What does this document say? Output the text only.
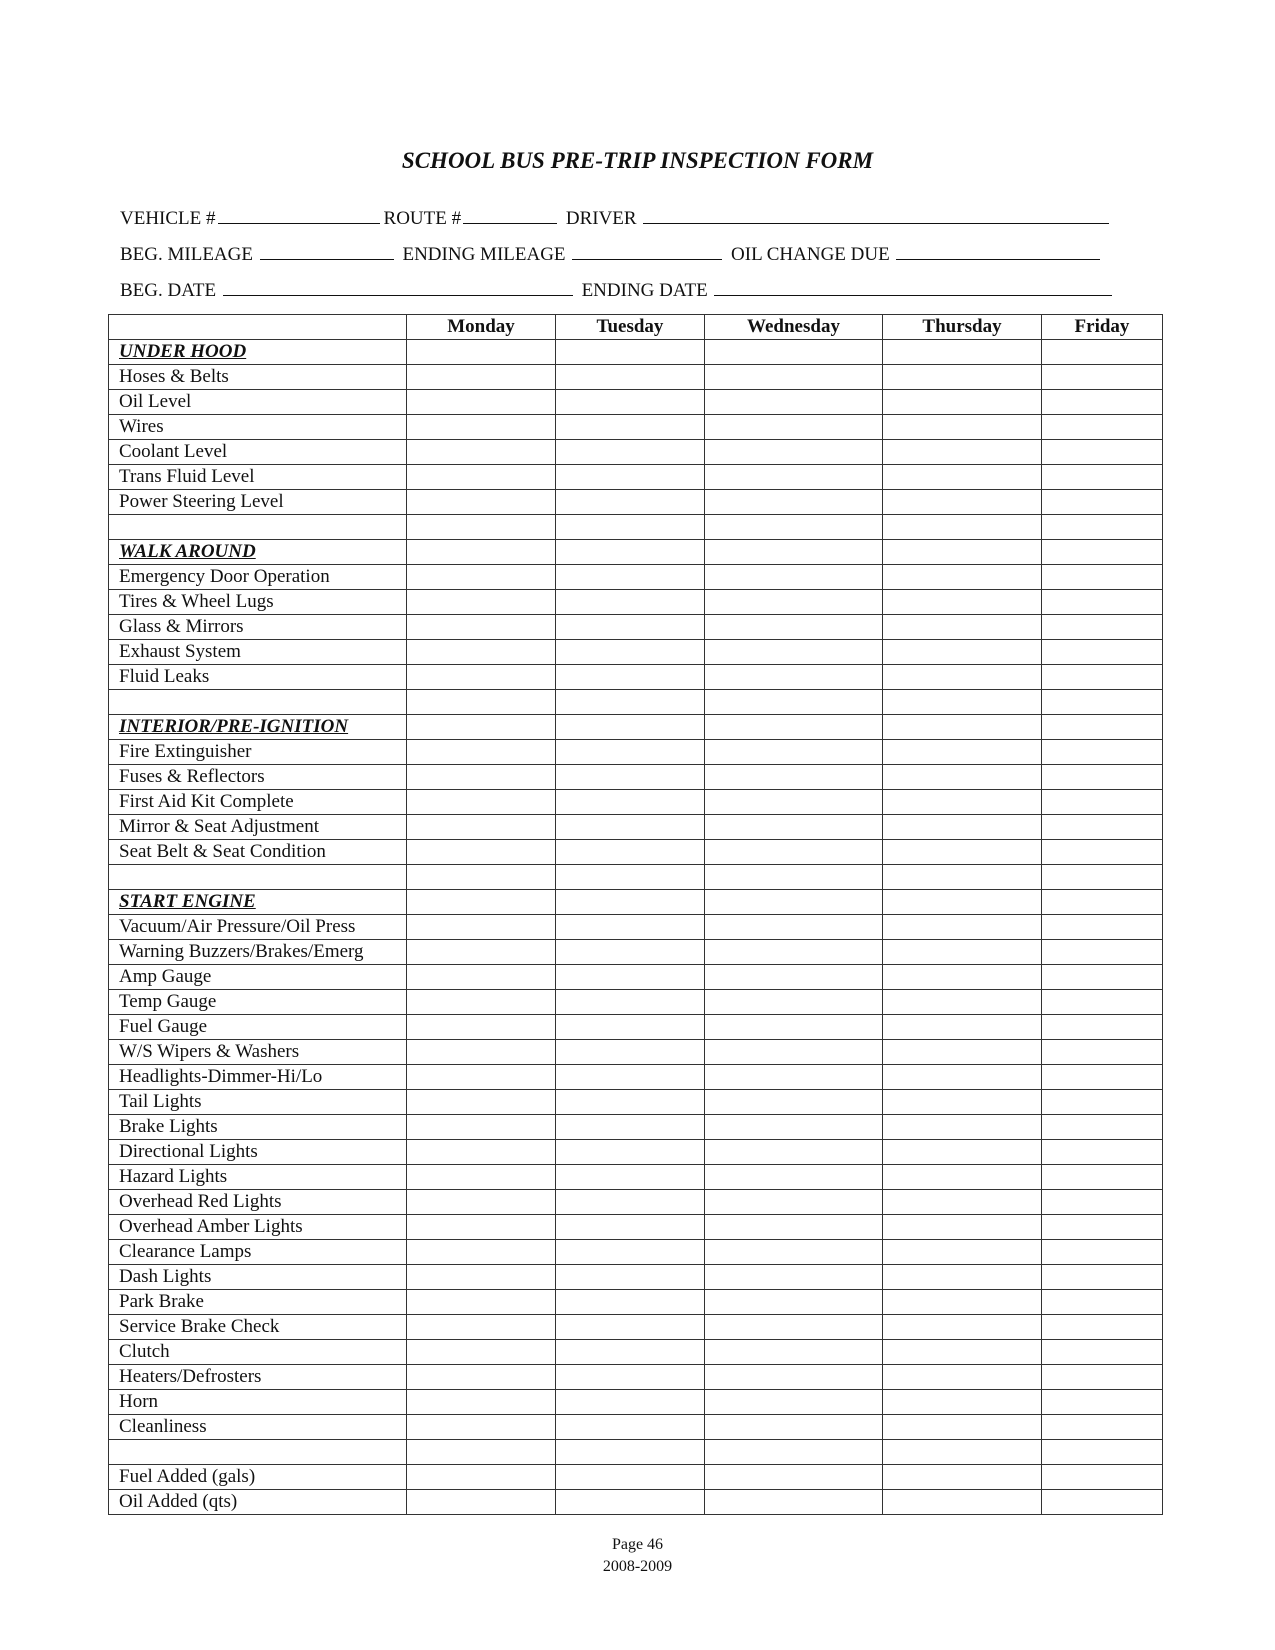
SCHOOL BUS PRE-TRIP INSPECTION FORM
VEHICLE #	ROUTE #	DRIVER
BEG. MILEAGE	ENDING MILEAGE	OIL CHANGE DUE
BEG. DATE	ENDING DATE
	Monday	Tuesday	Wednesday	Thursday	Friday
UNDER HOOD					
Hoses & Belts					
Oil Level					
Wires					
Coolant Level					
Trans Fluid Level					
Power Steering Level					

WALK AROUND					
Emergency Door Operation					
Tires & Wheel Lugs					
Glass & Mirrors					
Exhaust System					
Fluid Leaks					

INTERIOR/PRE-IGNITION					
Fire Extinguisher					
Fuses & Reflectors					
First Aid Kit Complete					
Mirror & Seat Adjustment					
Seat Belt & Seat Condition					

START ENGINE					
Vacuum/Air Pressure/Oil Press					
Warning Buzzers/Brakes/Emerg					
Amp Gauge					
Temp Gauge					
Fuel Gauge					
W/S Wipers & Washers					
Headlights-Dimmer-Hi/Lo					
Tail Lights					
Brake Lights					
Directional Lights					
Hazard Lights					
Overhead Red Lights					
Overhead Amber Lights					
Clearance Lamps					
Dash Lights					
Park Brake					
Service Brake Check					
Clutch					
Heaters/Defrosters					
Horn					
Cleanliness					

Fuel Added (gals)					
Oil Added (qts)					
Page 46
2008-2009
